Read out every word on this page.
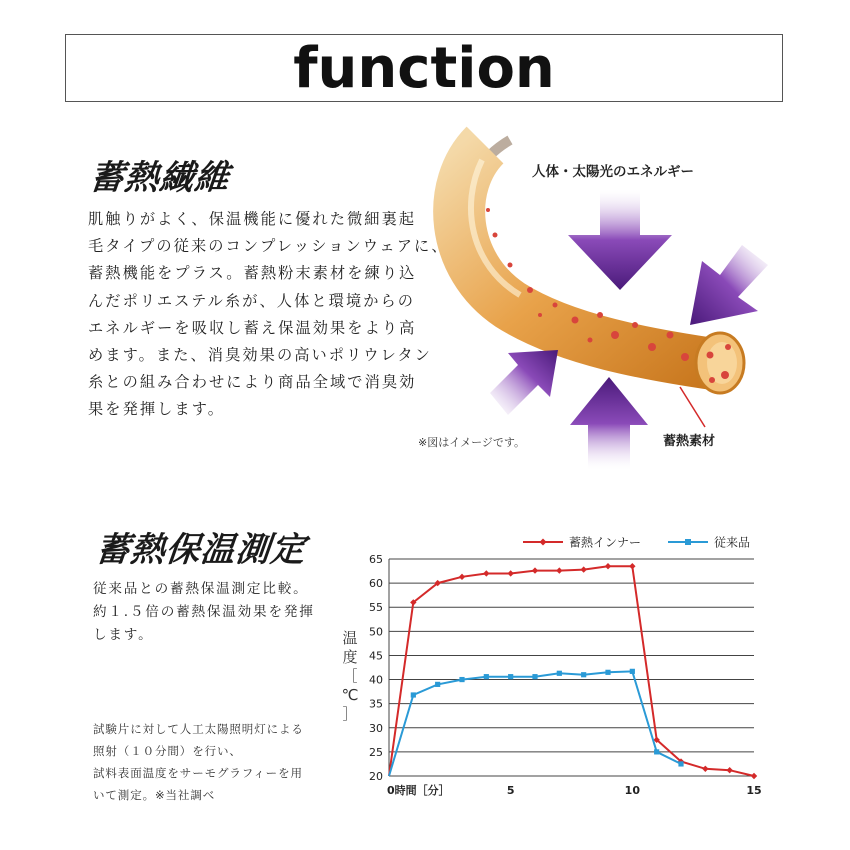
function
蓄熱繊維
肌触りがよく、保温機能に優れた微細裏起
毛タイプの従来のコンプレッションウェアに、
蓄熱機能をプラス。蓄熱粉末素材を練り込
んだポリエステル糸が、人体と環境からの
エネルギーを吸収し蓄え保温効果をより高
めます。また、消臭効果の高いポリウレタン
糸との組み合わせにより商品全域で消臭効
果を発揮します。
人体・太陽光のエネルギー
蓄熱素材
※図はイメージです。
蓄熱保温測定
従来品との蓄熱保温測定比較。
約１.５倍の蓄熱保温効果を発揮
します。
試験片に対して人工太陽照明灯による
照射（１０分間）を行い、
試料表面温度をサーモグラフィーを用
いて測定。※当社調べ
20
25
30
35
40
45
50
55
60
65
0時間［分］	5	10	15
温
度
［
℃
］
蓄熱インナー	従来品
